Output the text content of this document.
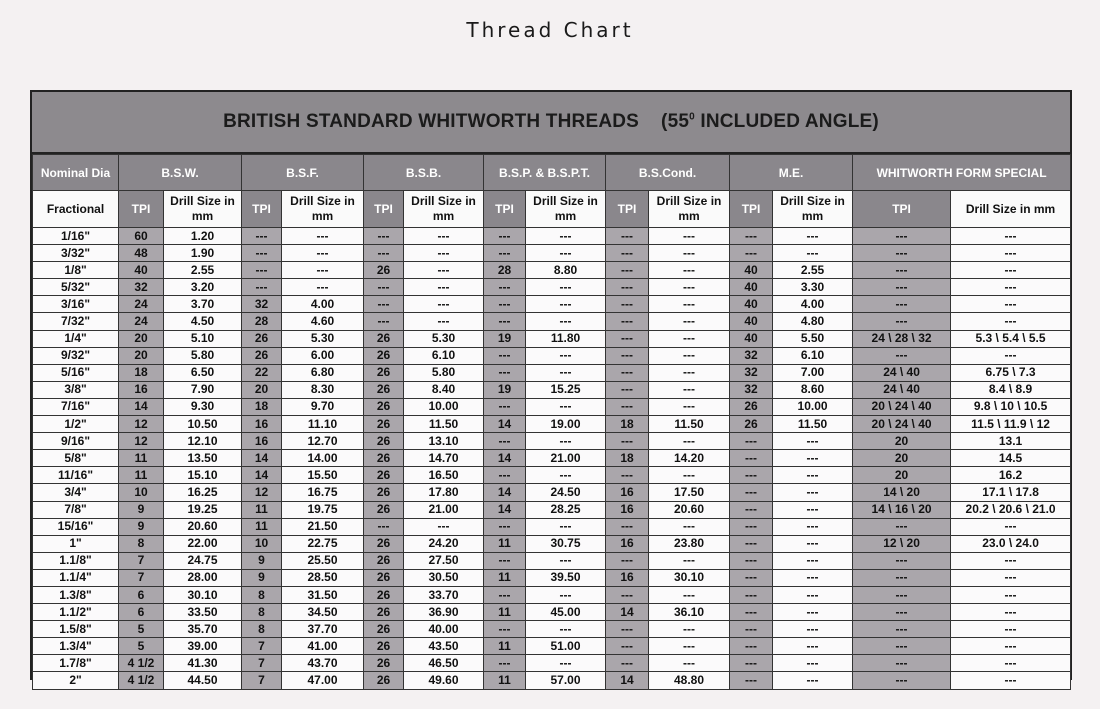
Thread Chart
BRITISH STANDARD WHITWORTH THREADS ($55^0$ INCLUDED ANGLE)
Nominal Dia	B.S.W.		B.S.F.		B.S.B.		B.S.P. & B.S.P.T.		B.S.Cond.		M.E.		WHITWORTH FORM SPECIAL	
Fractional	TPI	Drill Size in mm	TPI	Drill Size in mm	TPI	Drill Size in mm	TPI	Drill Size in mm	TPI	Drill Size in mm	TPI	Drill Size in mm	TPI	Drill Size in mm
1/16"	60	1.20	---	---	---	---	---	---	---	---	---	---	---	---
3/32"	48	1.90	---	---	---	---	---	---	---	---	---	---	---	---
1/8"	40	2.55	---	---	26	---	28	8.80	---	---	40	2.55	---	---
5/32"	32	3.20	---	---	---	---	---	---	---	---	40	3.30	---	---
3/16"	24	3.70	32	4.00	---	---	---	---	---	---	40	4.00	---	---
7/32"	24	4.50	28	4.60	---	---	---	---	---	---	40	4.80	---	---
1/4"	20	5.10	26	5.30	26	5.30	19	11.80	---	---	40	5.50	24 \ 28 \ 32	5.3 \ 5.4 \ 5.5
9/32"	20	5.80	26	6.00	26	6.10	---	---	---	---	32	6.10	---	---
5/16"	18	6.50	22	6.80	26	5.80	---	---	---	---	32	7.00	24 \ 40	6.75 \ 7.3
3/8"	16	7.90	20	8.30	26	8.40	19	15.25	---	---	32	8.60	24 \ 40	8.4 \ 8.9
7/16"	14	9.30	18	9.70	26	10.00	---	---	---	---	26	10.00	20 \ 24 \ 40	9.8 \ 10 \ 10.5
1/2"	12	10.50	16	11.10	26	11.50	14	19.00	18	11.50	26	11.50	20 \ 24 \ 40	11.5 \ 11.9 \ 12
9/16"	12	12.10	16	12.70	26	13.10	---	---	---	---	---	---	20	13.1
5/8"	11	13.50	14	14.00	26	14.70	14	21.00	18	14.20	---	---	20	14.5
11/16"	11	15.10	14	15.50	26	16.50	---	---	---	---	---	---	20	16.2
3/4"	10	16.25	12	16.75	26	17.80	14	24.50	16	17.50	---	---	14 \ 20	17.1 \ 17.8
7/8"	9	19.25	11	19.75	26	21.00	14	28.25	16	20.60	---	---	14 \ 16 \ 20	20.2 \ 20.6 \ 21.0
15/16"	9	20.60	11	21.50	---	---	---	---	---	---	---	---	---	---
1"	8	22.00	10	22.75	26	24.20	11	30.75	16	23.80	---	---	12 \ 20	23.0 \ 24.0
1.1/8"	7	24.75	9	25.50	26	27.50	---	---	---	---	---	---	---	---
1.1/4"	7	28.00	9	28.50	26	30.50	11	39.50	16	30.10	---	---	---	---
1.3/8"	6	30.10	8	31.50	26	33.70	---	---	---	---	---	---	---	---
1.1/2"	6	33.50	8	34.50	26	36.90	11	45.00	14	36.10	---	---	---	---
1.5/8"	5	35.70	8	37.70	26	40.00	---	---	---	---	---	---	---	---
1.3/4"	5	39.00	7	41.00	26	43.50	11	51.00	---	---	---	---	---	---
1.7/8"	4 1/2	41.30	7	43.70	26	46.50	---	---	---	---	---	---	---	---
2"	4 1/2	44.50	7	47.00	26	49.60	11	57.00	14	48.80	---	---	---	---
